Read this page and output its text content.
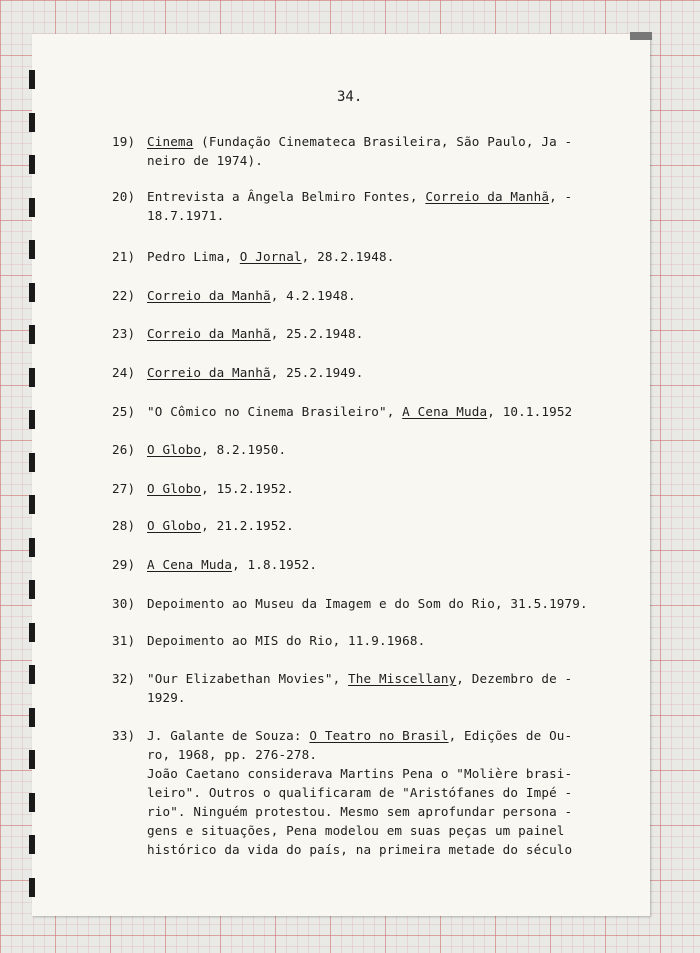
34.
19) Cinema (Fundação Cinemateca Brasileira, São Paulo, Ja -
neiro de 1974).
20) Entrevista a Ângela Belmiro Fontes, Correio da Manhã, -
18.7.1971.
21) Pedro Lima, O Jornal, 28.2.1948.
22) Correio da Manhã, 4.2.1948.
23) Correio da Manhã, 25.2.1948.
24) Correio da Manhã, 25.2.1949.
25) "O Cômico no Cinema Brasileiro", A Cena Muda, 10.1.1952
26) O Globo, 8.2.1950.
27) O Globo, 15.2.1952.
28) O Globo, 21.2.1952.
29) A Cena Muda, 1.8.1952.
30) Depoimento ao Museu da Imagem e do Som do Rio, 31.5.1979.
31) Depoimento ao MIS do Rio, 11.9.1968.
32) "Our Elizabethan Movies", The Miscellany, Dezembro de -
1929.
33) J. Galante de Souza: O Teatro no Brasil, Edições de Ou-
ro, 1968, pp. 276-278.
João Caetano considerava Martins Pena o "Molière brasi-
leiro". Outros o qualificaram de "Aristófanes do Impé -
rio". Ninguém protestou. Mesmo sem aprofundar persona -
gens e situações, Pena modelou em suas peças um painel
histórico da vida do país, na primeira metade do século
